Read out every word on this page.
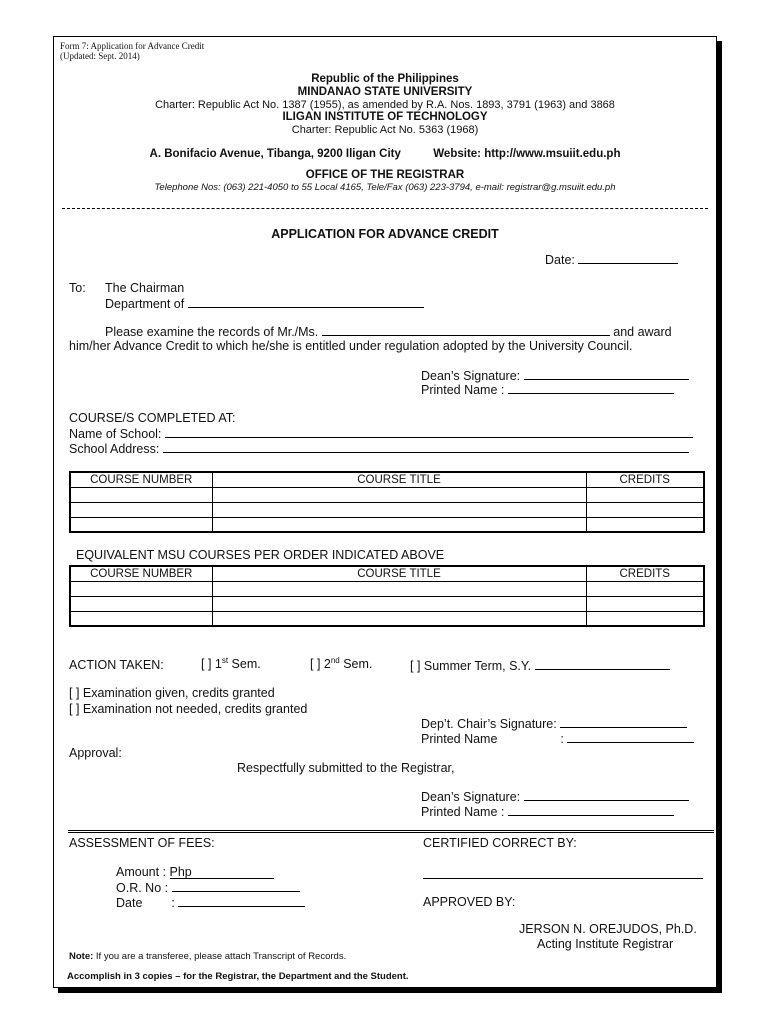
Form 7: Application for Advance Credit
(Updated: Sept. 2014)
Republic of the Philippines
MINDANAO STATE UNIVERSITY
Charter: Republic Act No. 1387 (1955), as amended by R.A. Nos. 1893, 3791 (1963) and 3868
ILIGAN INSTITUTE OF TECHNOLOGY
Charter: Republic Act No. 5363 (1968)
A. Bonifacio Avenue, Tibanga, 9200 Iligan City	Website: http://www.msuiit.edu.ph
OFFICE OF THE REGISTRAR
Telephone Nos: (063) 221-4050 to 55 Local 4165, Tele/Fax (063) 223-3794, e-mail: registrar@g.msuiit.edu.ph
APPLICATION FOR ADVANCE CREDIT
Date:
To: The Chairman
Department of
Please examine the records of Mr./Ms.	and award
him/her Advance Credit to which he/she is entitled under regulation adopted by the University Council.
Dean’s Signature:
Printed Name :
COURSE/S COMPLETED AT:
Name of School:
School Address:
COURSE NUMBER	COURSE TITLE	CREDITS

EQUIVALENT MSU COURSES PER ORDER INDICATED ABOVE
COURSE NUMBER	COURSE TITLE	CREDITS

ACTION TAKEN:	[ ] 1st Sem.	[ ] 2nd Sem.	[ ] Summer Term, S.Y.
[ ] Examination given, credits granted
[ ] Examination not needed, credits granted
Dep’t. Chair’s Signature:
Printed Name	:
Approval:
Respectfully submitted to the Registrar,
Dean’s Signature:
Printed Name :
ASSESSMENT OF FEES:
Amount : Php
O.R. No :
Date :
CERTIFIED CORRECT BY:
APPROVED BY:
JERSON N. OREJUDOS, Ph.D.
Acting Institute Registrar
Note: If you are a transferee, please attach Transcript of Records.
Accomplish in 3 copies – for the Registrar, the Department and the Student.
